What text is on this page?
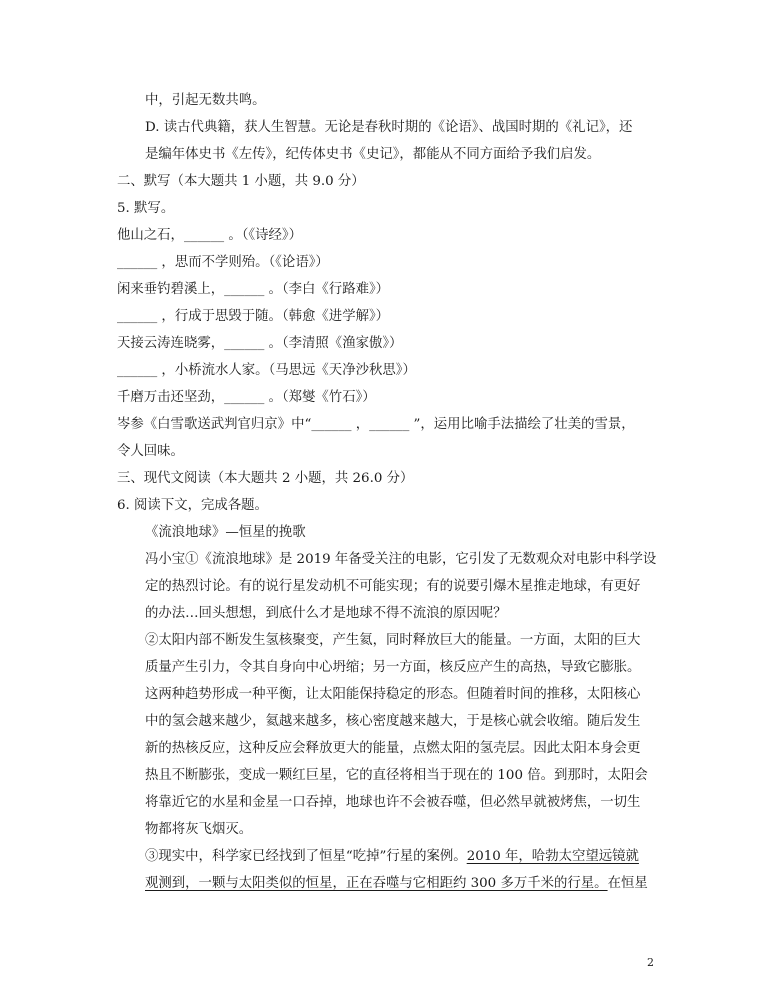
中，引起无数共鸣。
D. 读古代典籍，获人生智慧。无论是春秋时期的《论语》、战国时期的《礼记》，还
是编年体史书《左传》，纪传体史书《史记》，都能从不同方面给予我们启发。
二、默写（本大题共 1 小题，共 9.0 分）
5. 默写。
他山之石，______ 。（《诗经》）
______ ，思而不学则殆。（《论语》）
闲来垂钓碧溪上，______ 。（李白《行路难》）
______ ，行成于思毁于随。（韩愈《进学解》）
天接云涛连晓雾，______ 。（李清照《渔家傲》）
______ ，小桥流水人家。（马思远《天净沙秋思》）
千磨万击还坚劲，______ 。（郑燮《竹石》）
岑参《白雪歌送武判官归京》中“______ ，______ ”，运用比喻手法描绘了壮美的雪景，
令人回味。
三、现代文阅读（本大题共 2 小题，共 26.0 分）
6. 阅读下文，完成各题。
《流浪地球》—恒星的挽歌
冯小宝①《流浪地球》是 2019 年备受关注的电影，它引发了无数观众对电影中科学设
定的热烈讨论。有的说行星发动机不可能实现；有的说要引爆木星推走地球，有更好
的办法…回头想想，到底什么才是地球不得不流浪的原因呢？
②太阳内部不断发生氢核聚变，产生氦，同时释放巨大的能量。一方面，太阳的巨大
质量产生引力，令其自身向中心坍缩；另一方面，核反应产生的高热，导致它膨胀。
这两种趋势形成一种平衡，让太阳能保持稳定的形态。但随着时间的推移，太阳核心
中的氢会越来越少，氦越来越多，核心密度越来越大，于是核心就会收缩。随后发生
新的热核反应，这种反应会释放更大的能量，点燃太阳的氢壳层。因此太阳本身会更
热且不断膨张，变成一颗红巨星，它的直径将相当于现在的 100 倍。到那时，太阳会
将靠近它的水星和金星一口吞掉，地球也许不会被吞噬，但必然早就被烤焦，一切生
物都将灰飞烟灭。
③现实中，科学家已经找到了恒星“吃掉”行星的案例。2010 年，哈勃太空望远镜就
观测到，一颗与太阳类似的恒星，正在吞噬与它相距约 300 多万千米的行星。在恒星
2
